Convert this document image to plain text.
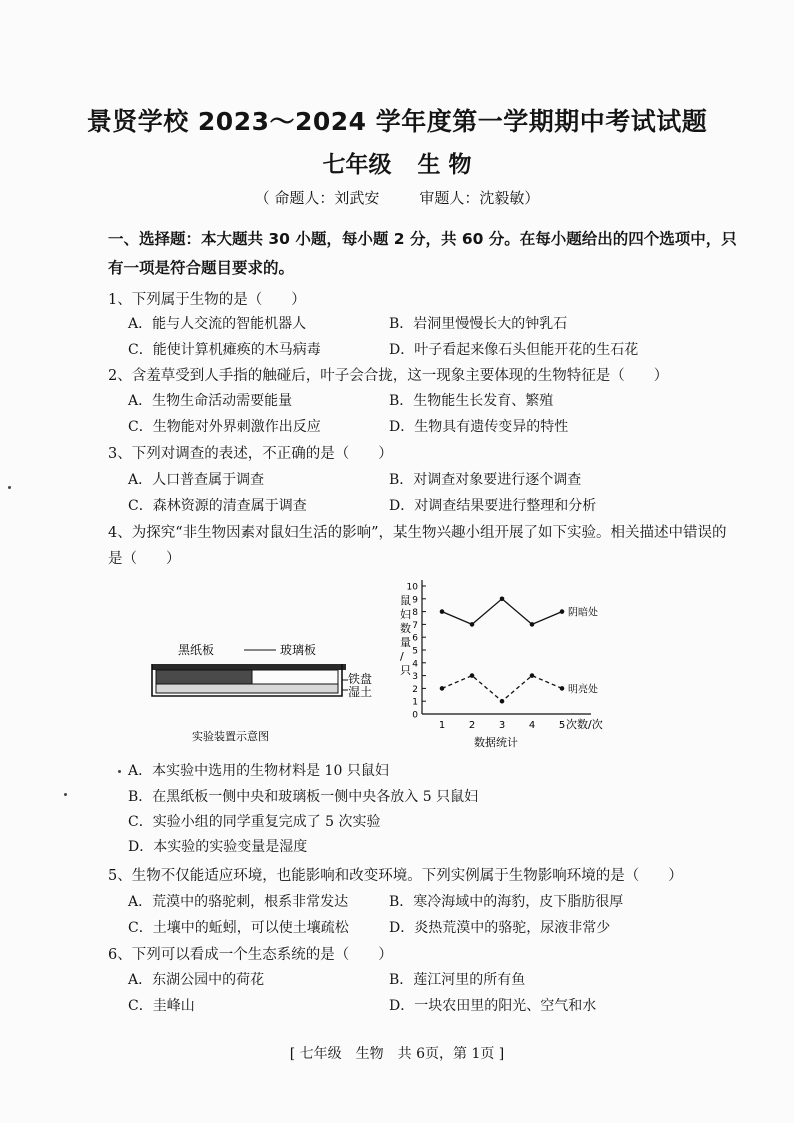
景贤学校 2023～2024 学年度第一学期期中考试试题
七年级 生 物
（ 命题人：刘武安	审题人：沈毅敏）
一、选择题：本大题共 30 小题，每小题 2 分，共 60 分。在每小题给出的四个选项中，只
有一项是符合题目要求的。
1、下列属于生物的是（　　）
A．能与人交流的智能机器人	B．岩洞里慢慢长大的钟乳石
C．能使计算机瘫痪的木马病毒	D．叶子看起来像石头但能开花的生石花
2、含羞草受到人手指的触碰后，叶子会合拢，这一现象主要体现的生物特征是（　　）
A．生物生命活动需要能量	B．生物能生长发育、繁殖
C．生物能对外界刺激作出反应	D．生物具有遗传变异的特性
3、下列对调查的表述，不正确的是（　　）
A．人口普查属于调查	B．对调查对象要进行逐个调查
C．森林资源的清查属于调查	D．对调查结果要进行整理和分析
4、为探究“非生物因素对鼠妇生活的影响”，某生物兴趣小组开展了如下实验。相关描述中错误的
是（　　）
黑纸板	玻璃板
铁盘
湿土
实验装置示意图
0
1
2
3
4
5
6
7
8
9
10
1 2 3 4 5
阴暗处
明亮处
鼠妇数量/只
次数/次
数据统计
A．本实验中选用的生物材料是 10 只鼠妇
B．在黑纸板一侧中央和玻璃板一侧中央各放入 5 只鼠妇
C．实验小组的同学重复完成了 5 次实验
D．本实验的实验变量是湿度
5、生物不仅能适应环境，也能影响和改变环境。下列实例属于生物影响环境的是（　　）
A．荒漠中的骆驼刺，根系非常发达	B．寒冷海域中的海豹，皮下脂肪很厚
C．土壤中的蚯蚓，可以使土壤疏松	D．炎热荒漠中的骆驼，尿液非常少
6、下列可以看成一个生态系统的是（　　）
A．东湖公园中的荷花	B．莲江河里的所有鱼
C．圭峰山	D．一块农田里的阳光、空气和水
[ 七年级　生物　共 6页，第 1页 ]
